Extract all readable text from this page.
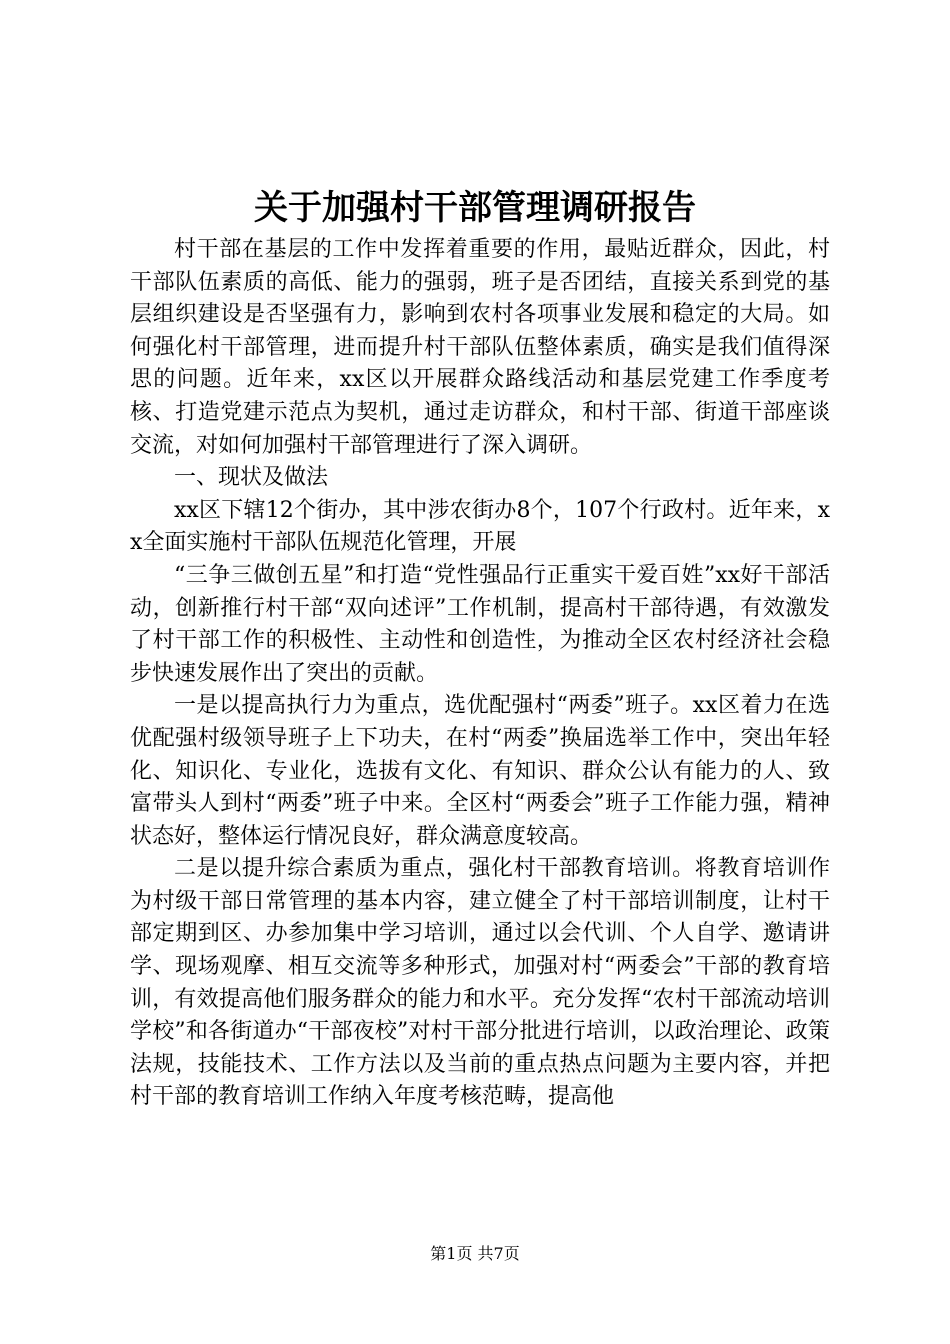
关于加强村干部管理调研报告

村干部在基层的工作中发挥着重要的作用，最贴近群众，因此，村干部队伍素质的高低、能力的强弱，班子是否团结，直接关系到党的基层组织建设是否坚强有力，影响到农村各项事业发展和稳定的大局。如何强化村干部管理，进而提升村干部队伍整体素质，确实是我们值得深思的问题。近年来，xx区以开展群众路线活动和基层党建工作季度考核、打造党建示范点为契机，通过走访群众，和村干部、街道干部座谈交流，对如何加强村干部管理进行了深入调研。

一、现状及做法

xx区下辖12个街办，其中涉农街办8个，107个行政村。近年来，xx全面实施村干部队伍规范化管理，开展

“三争三做创五星”和打造“党性强品行正重实干爱百姓”xx好干部活动，创新推行村干部“双向述评”工作机制，提高村干部待遇，有效激发了村干部工作的积极性、主动性和创造性，为推动全区农村经济社会稳步快速发展作出了突出的贡献。

一是以提高执行力为重点，选优配强村“两委”班子。xx区着力在选优配强村级领导班子上下功夫，在村“两委”换届选举工作中，突出年轻化、知识化、专业化，选拔有文化、有知识、群众公认有能力的人、致富带头人到村“两委”班子中来。全区村“两委会”班子工作能力强，精神状态好，整体运行情况良好，群众满意度较高。

二是以提升综合素质为重点，强化村干部教育培训。将教育培训作为村级干部日常管理的基本内容，建立健全了村干部培训制度，让村干部定期到区、办参加集中学习培训，通过以会代训、个人自学、邀请讲学、现场观摩、相互交流等多种形式，加强对村“两委会”干部的教育培训，有效提高他们服务群众的能力和水平。充分发挥“农村干部流动培训学校”和各街道办“干部夜校”对村干部分批进行培训，以政治理论、政策法规，技能技术、工作方法以及当前的重点热点问题为主要内容，并把村干部的教育培训工作纳入年度考核范畴，提高他

第1页 共7页
